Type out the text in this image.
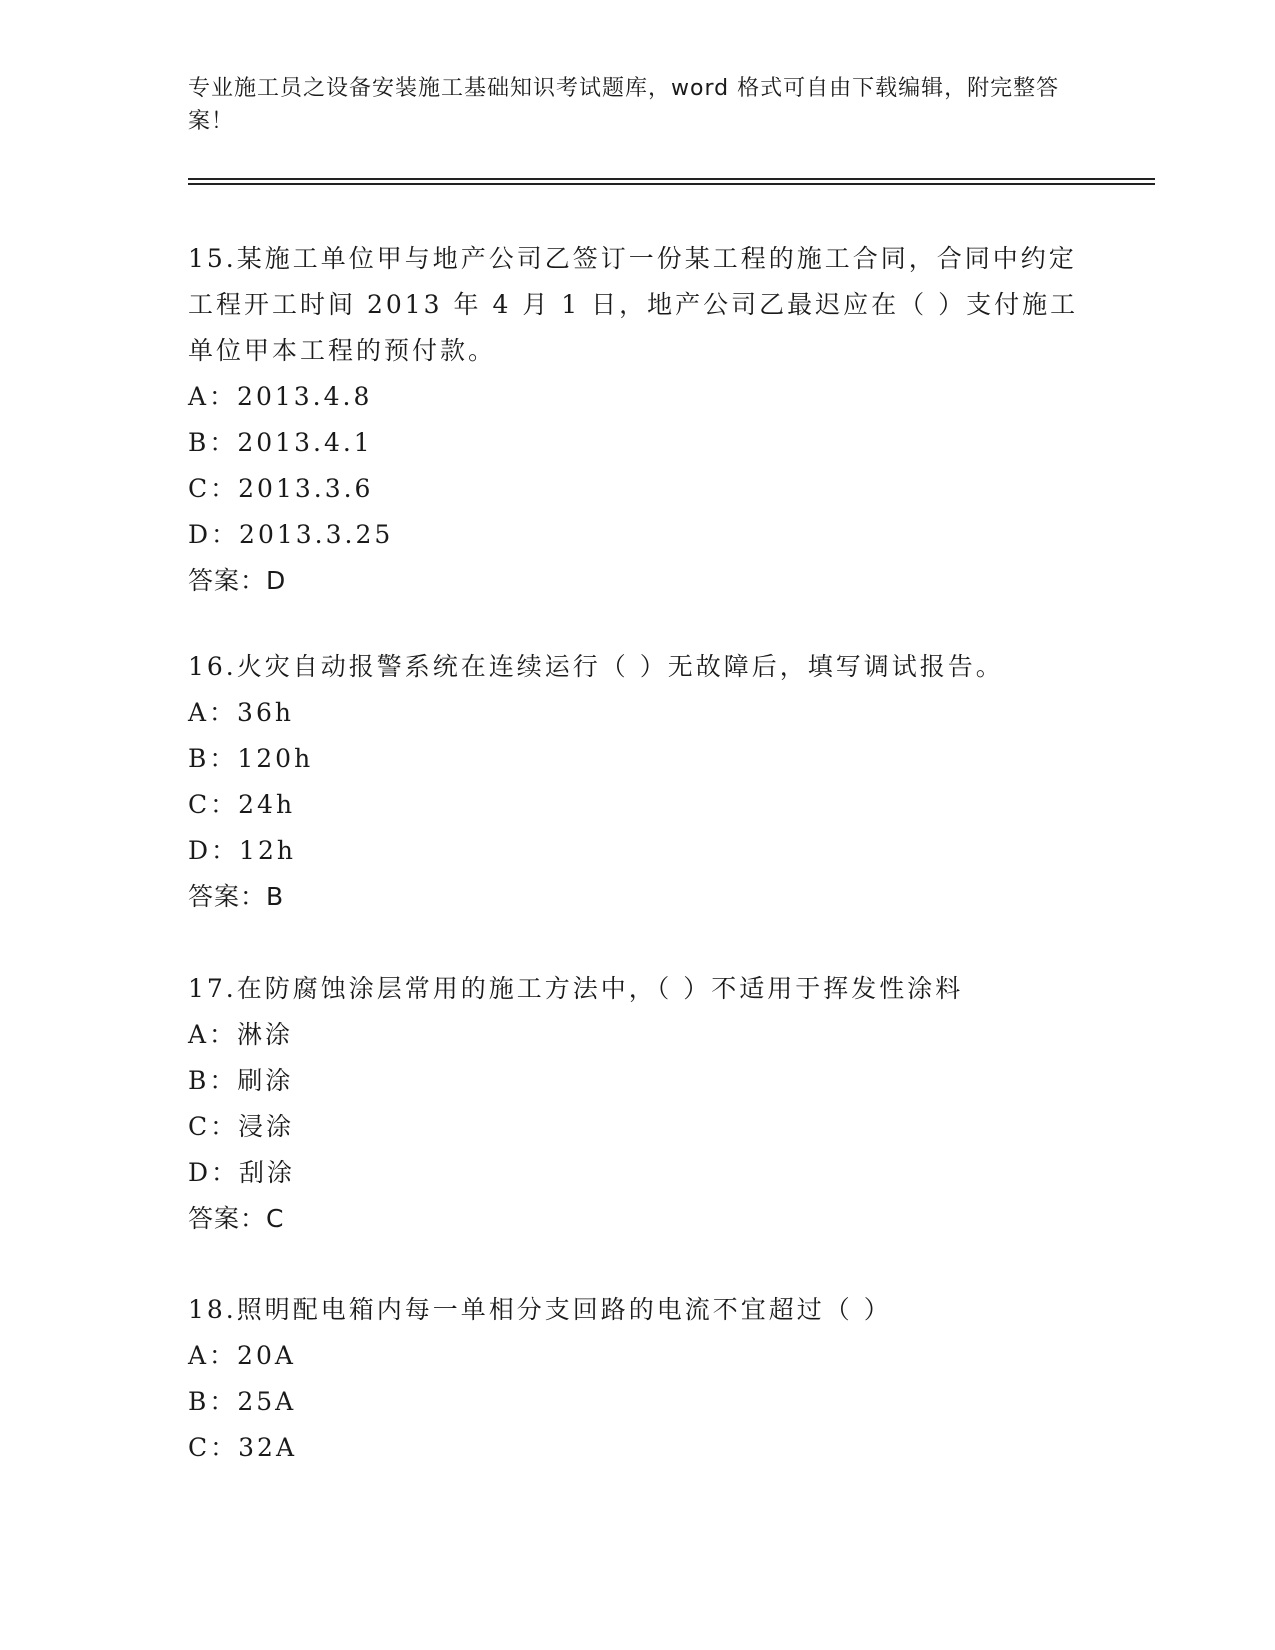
专业施工员之设备安装施工基础知识考试题库，word 格式可自由下载编辑，附完整答案！
15.某施工单位甲与地产公司乙签订一份某工程的施工合同，合同中约定工程开工时间 2013 年 4 月 1 日，地产公司乙最迟应在（ ）支付施工单位甲本工程的预付款。
A：2013.4.8
B：2013.4.1
C：2013.3.6
D：2013.3.25
答案：D
16.火灾自动报警系统在连续运行（ ）无故障后，填写调试报告。
A：36h
B：120h
C：24h
D：12h
答案：B
17.在防腐蚀涂层常用的施工方法中，（ ）不适用于挥发性涂料
A：淋涂
B：刷涂
C：浸涂
D：刮涂
答案：C
18.照明配电箱内每一单相分支回路的电流不宜超过（ ）
A：20A
B：25A
C：32A
